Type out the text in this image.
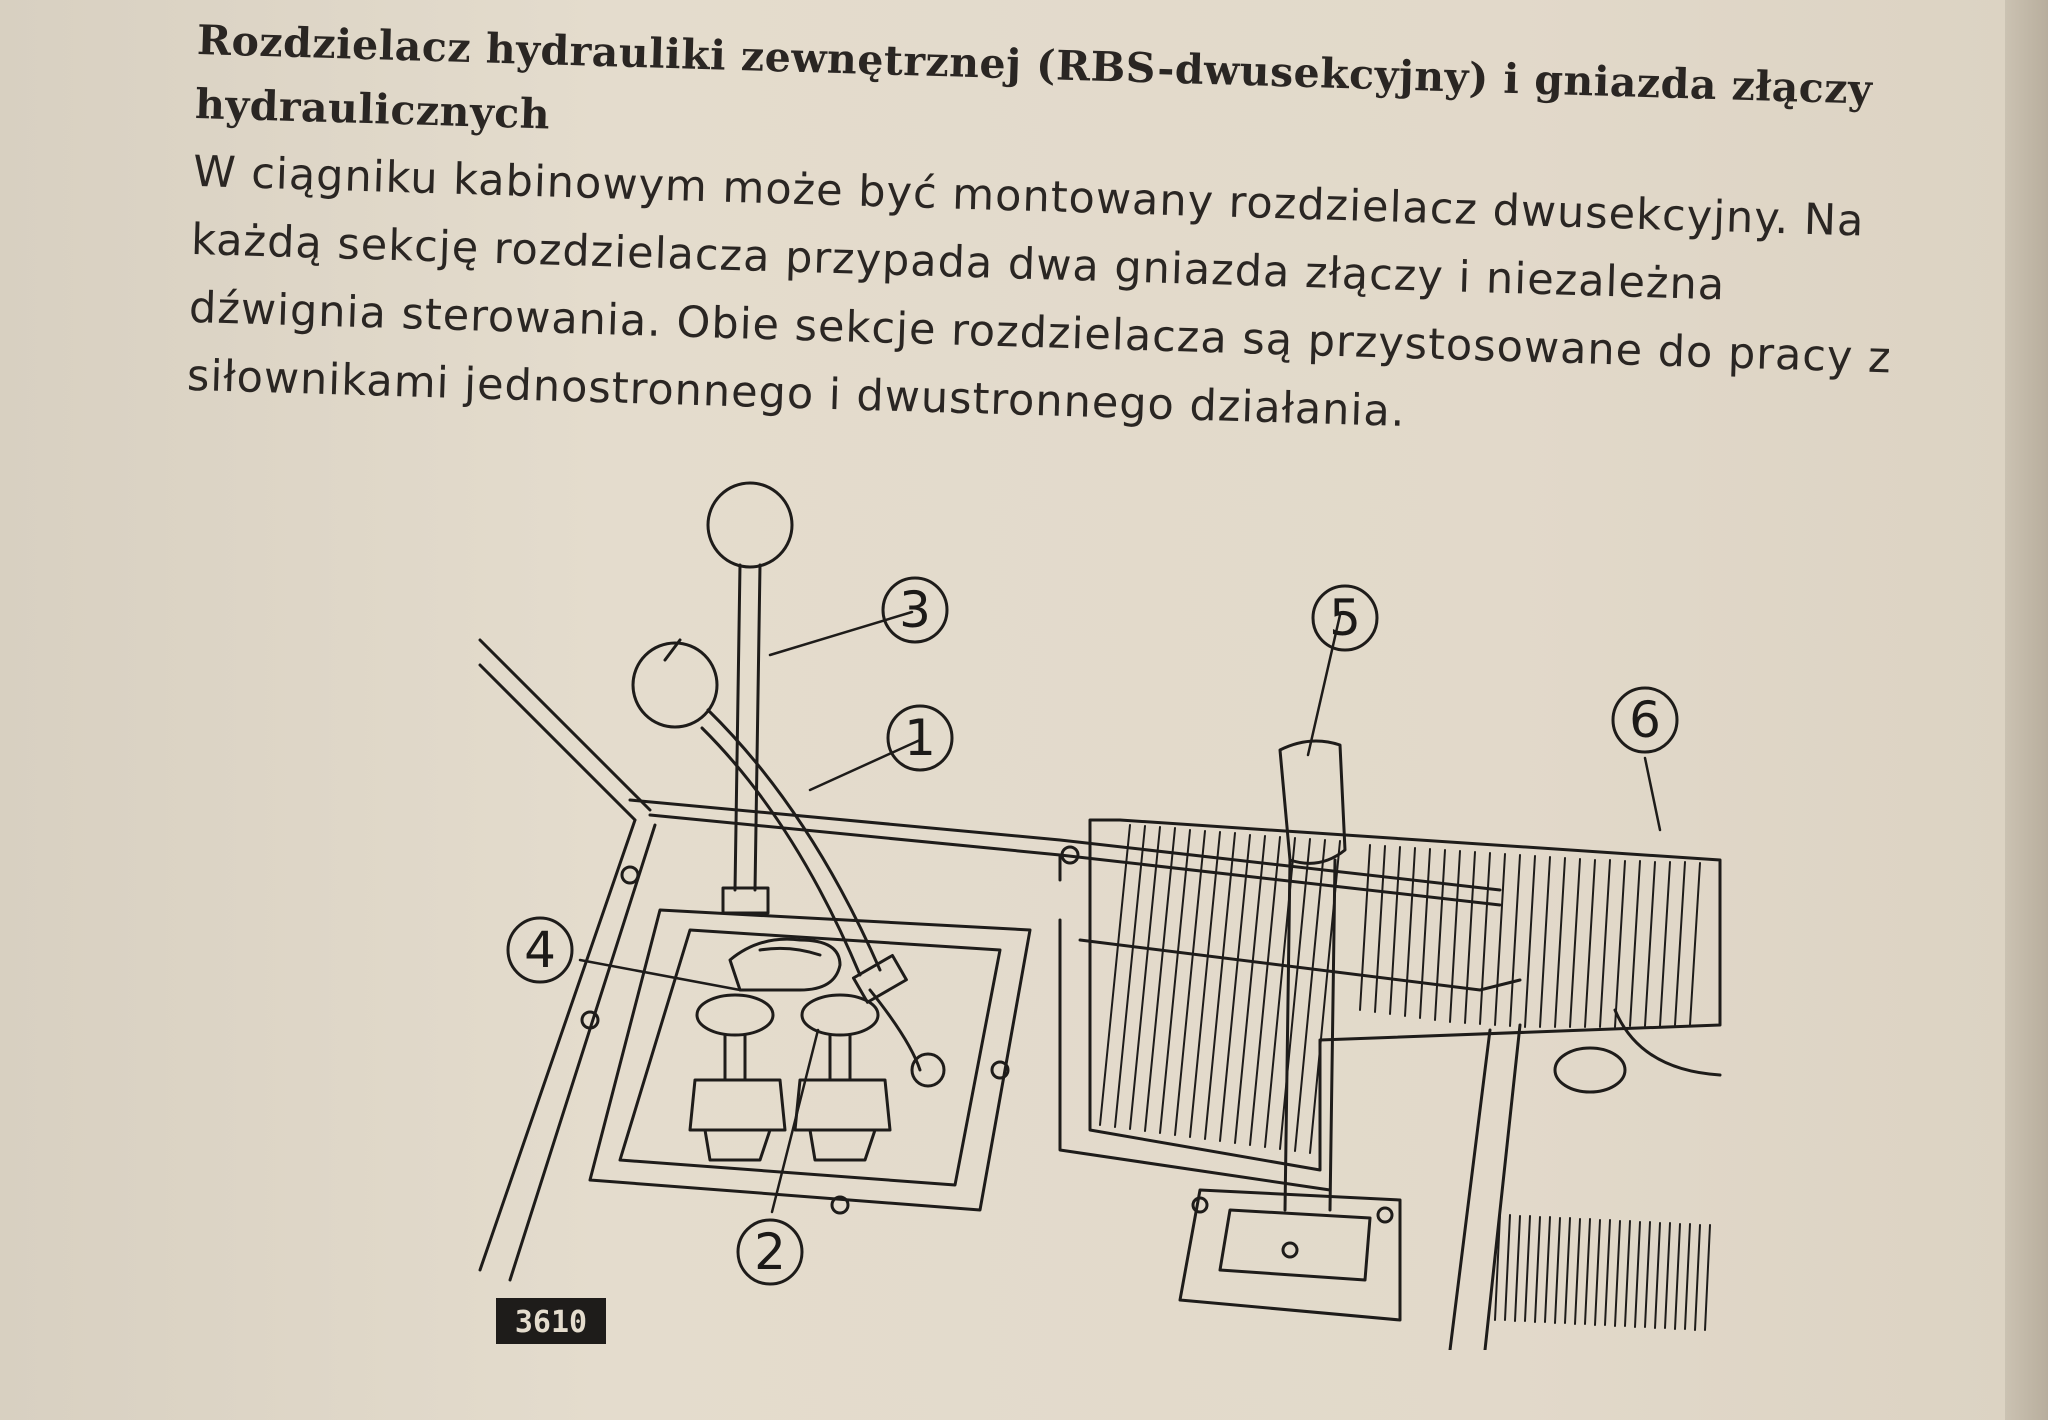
Rozdzielacz hydrauliki zewnętrznej (RBS-dwusekcyjny) i gniazda złączy hydraulicznych

W ciągniku kabinowym może być montowany rozdzielacz dwusekcyjny. Na każdą sekcję rozdzielacza przypada dwa gniazda złączy i niezależna dźwignia sterowania. Obie sekcje rozdzielacza są przystosowane do pracy z siłownikami jednostronnego i dwustronnego działania.

3
1
4
2
5
6
3610
